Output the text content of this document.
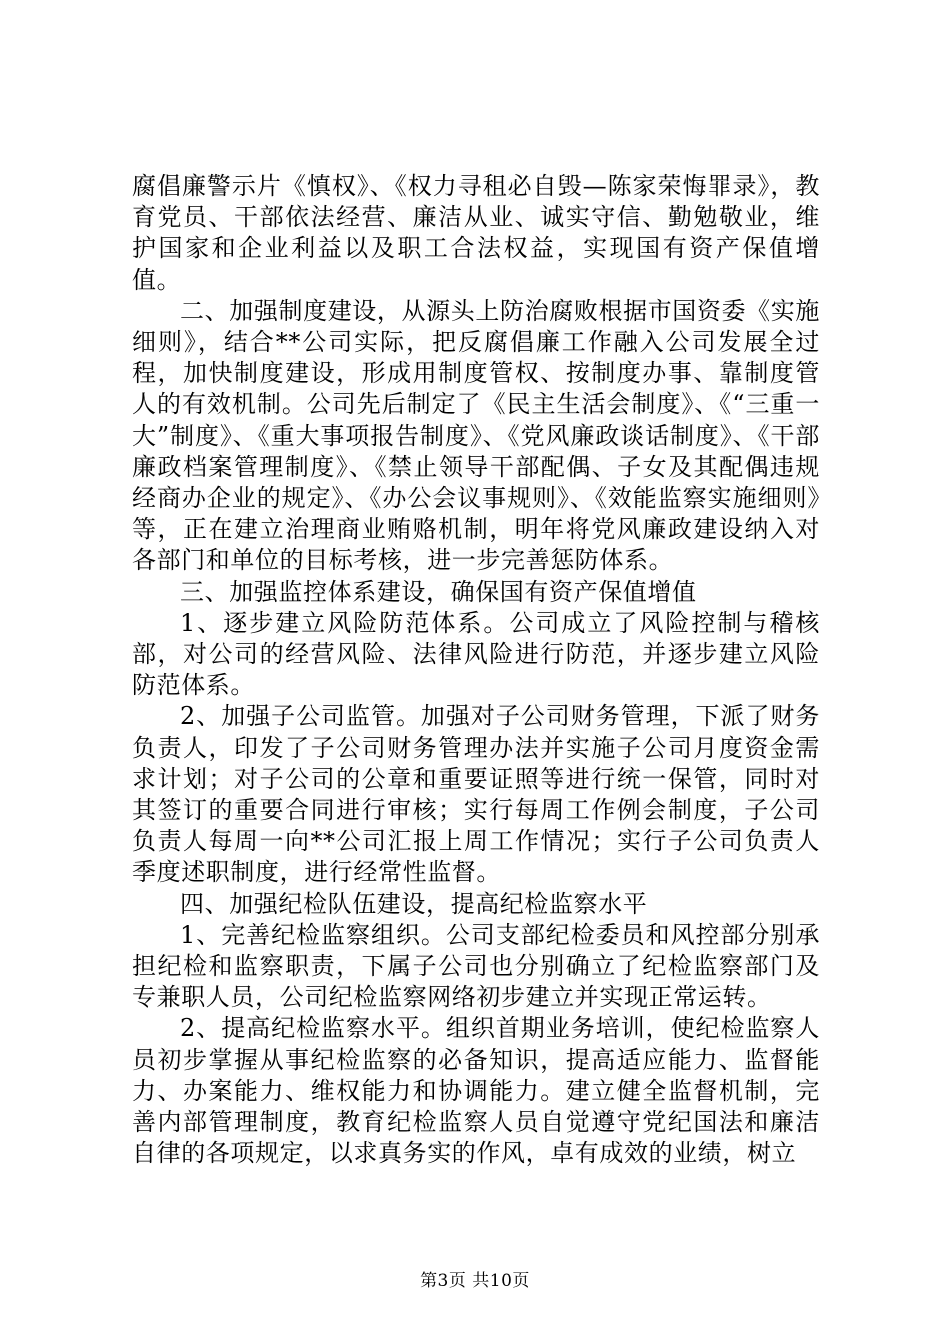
腐倡廉警示片《慎权》、《权力寻租必自毁—陈家荣悔罪录》，教育党员、干部依法经营、廉洁从业、诚实守信、勤勉敬业，维护国家和企业利益以及职工合法权益，实现国有资产保值增值。

二、加强制度建设，从源头上防治腐败根据市国资委《实施细则》，结合**公司实际，把反腐倡廉工作融入公司发展全过程，加快制度建设，形成用制度管权、按制度办事、靠制度管人的有效机制。公司先后制定了《民主生活会制度》、《“三重一大”制度》、《重大事项报告制度》、《党风廉政谈话制度》、《干部廉政档案管理制度》、《禁止领导干部配偶、子女及其配偶违规经商办企业的规定》、《办公会议事规则》、《效能监察实施细则》等，正在建立治理商业贿赂机制，明年将党风廉政建设纳入对各部门和单位的目标考核，进一步完善惩防体系。

三、加强监控体系建设，确保国有资产保值增值

1、逐步建立风险防范体系。公司成立了风险控制与稽核部，对公司的经营风险、法律风险进行防范，并逐步建立风险防范体系。

2、加强子公司监管。加强对子公司财务管理，下派了财务负责人，印发了子公司财务管理办法并实施子公司月度资金需求计划；对子公司的公章和重要证照等进行统一保管，同时对其签订的重要合同进行审核；实行每周工作例会制度，子公司负责人每周一向**公司汇报上周工作情况；实行子公司负责人季度述职制度，进行经常性监督。

四、加强纪检队伍建设，提高纪检监察水平

1、完善纪检监察组织。公司支部纪检委员和风控部分别承担纪检和监察职责，下属子公司也分别确立了纪检监察部门及专兼职人员，公司纪检监察网络初步建立并实现正常运转。

2、提高纪检监察水平。组织首期业务培训，使纪检监察人员初步掌握从事纪检监察的必备知识，提高适应能力、监督能力、办案能力、维权能力和协调能力。建立健全监督机制，完善内部管理制度，教育纪检监察人员自觉遵守党纪国法和廉洁自律的各项规定，以求真务实的作风，卓有成效的业绩，树立

第3页 共10页
